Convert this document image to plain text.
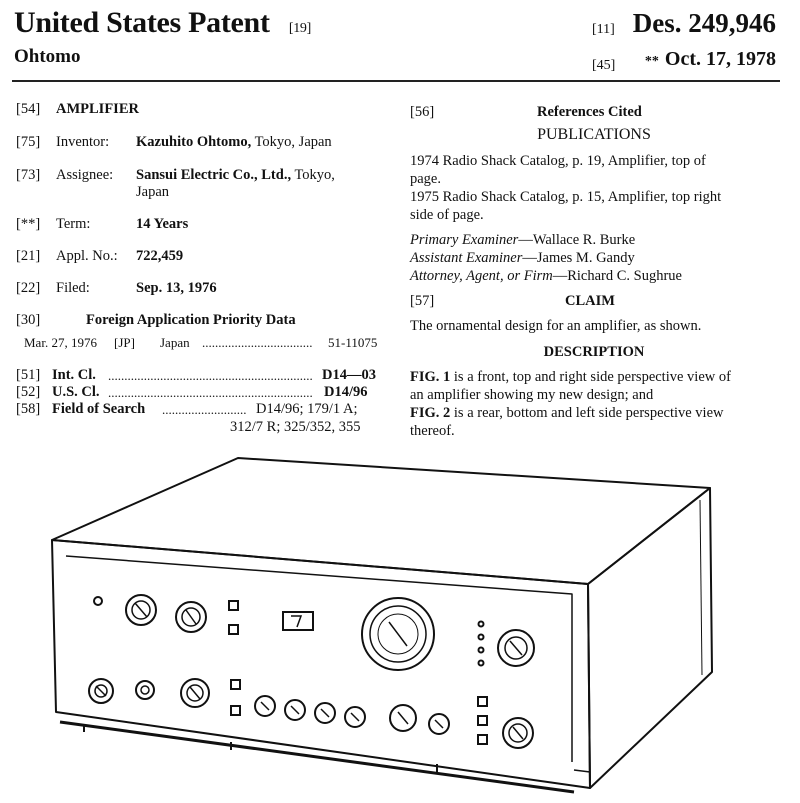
United States Patent [19]
Ohtomo
[11] Des. 249,946
[45] ** Oct. 17, 1978
[54] AMPLIFIER
[75] Inventor: Kazuhito Ohtomo, Tokyo, Japan
[73] Assignee: Sansui Electric Co., Ltd., Tokyo,
Japan
[**] Term:	14 Years
[21] Appl. No.: 722,459
[22] Filed:	Sep. 13, 1976
[30]	Foreign Application Priority Data
Mar. 27, 1976 [JP] Japan .................................. 51-11075
[51] Int. Cl. ............................................................... D14—03
[52] U.S. Cl. ............................................................... D14/96
[58] Field of Search .......................... D14/96; 179/1 A;
312/7 R; 325/352, 355
[56]	References Cited
PUBLICATIONS
1974 Radio Shack Catalog, p. 19, Amplifier, top of
page.
1975 Radio Shack Catalog, p. 15, Amplifier, top right
side of page.
Primary Examiner—Wallace R. Burke
Assistant Examiner—James M. Gandy
Attorney, Agent, or Firm—Richard C. Sughrue
[57]	CLAIM
The ornamental design for an amplifier, as shown.
DESCRIPTION
FIG. 1 is a front, top and right side perspective view of
an amplifier showing my new design; and
FIG. 2 is a rear, bottom and left side perspective view
thereof.
